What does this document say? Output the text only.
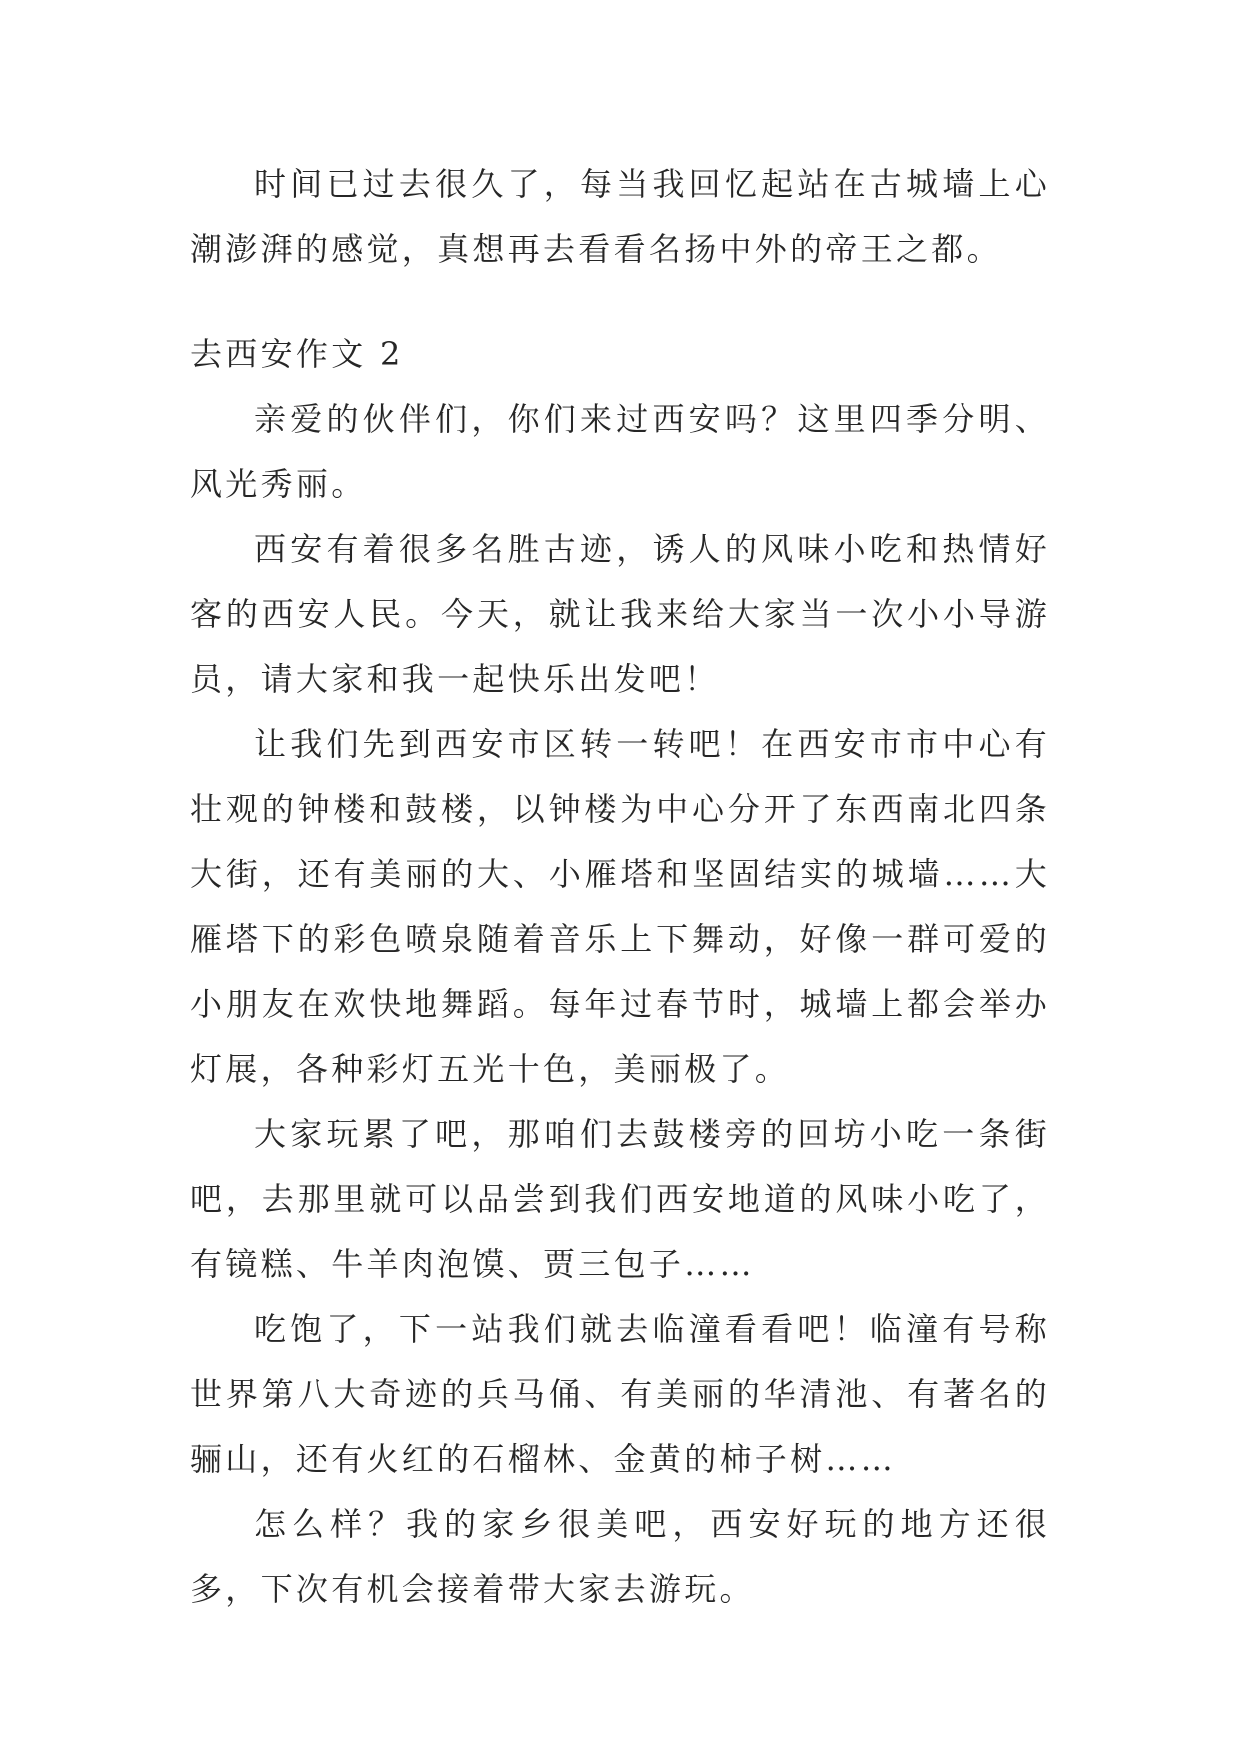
时间已过去很久了，每当我回忆起站在古城墙上心潮澎湃的感觉，真想再去看看名扬中外的帝王之都。

去西安作文 2

亲爱的伙伴们，你们来过西安吗？这里四季分明、风光秀丽。

西安有着很多名胜古迹，诱人的风味小吃和热情好客的西安人民。今天，就让我来给大家当一次小小导游员，请大家和我一起快乐出发吧！

让我们先到西安市区转一转吧！在西安市市中心有壮观的钟楼和鼓楼，以钟楼为中心分开了东西南北四条大街，还有美丽的大、小雁塔和坚固结实的城墙……大雁塔下的彩色喷泉随着音乐上下舞动，好像一群可爱的小朋友在欢快地舞蹈。每年过春节时，城墙上都会举办灯展，各种彩灯五光十色，美丽极了。

大家玩累了吧，那咱们去鼓楼旁的回坊小吃一条街吧，去那里就可以品尝到我们西安地道的风味小吃了，有镜糕、牛羊肉泡馍、贾三包子……

吃饱了，下一站我们就去临潼看看吧！临潼有号称世界第八大奇迹的兵马俑、有美丽的华清池、有著名的骊山，还有火红的石榴林、金黄的柿子树……

怎么样？我的家乡很美吧，西安好玩的地方还很多，下次有机会接着带大家去游玩。
